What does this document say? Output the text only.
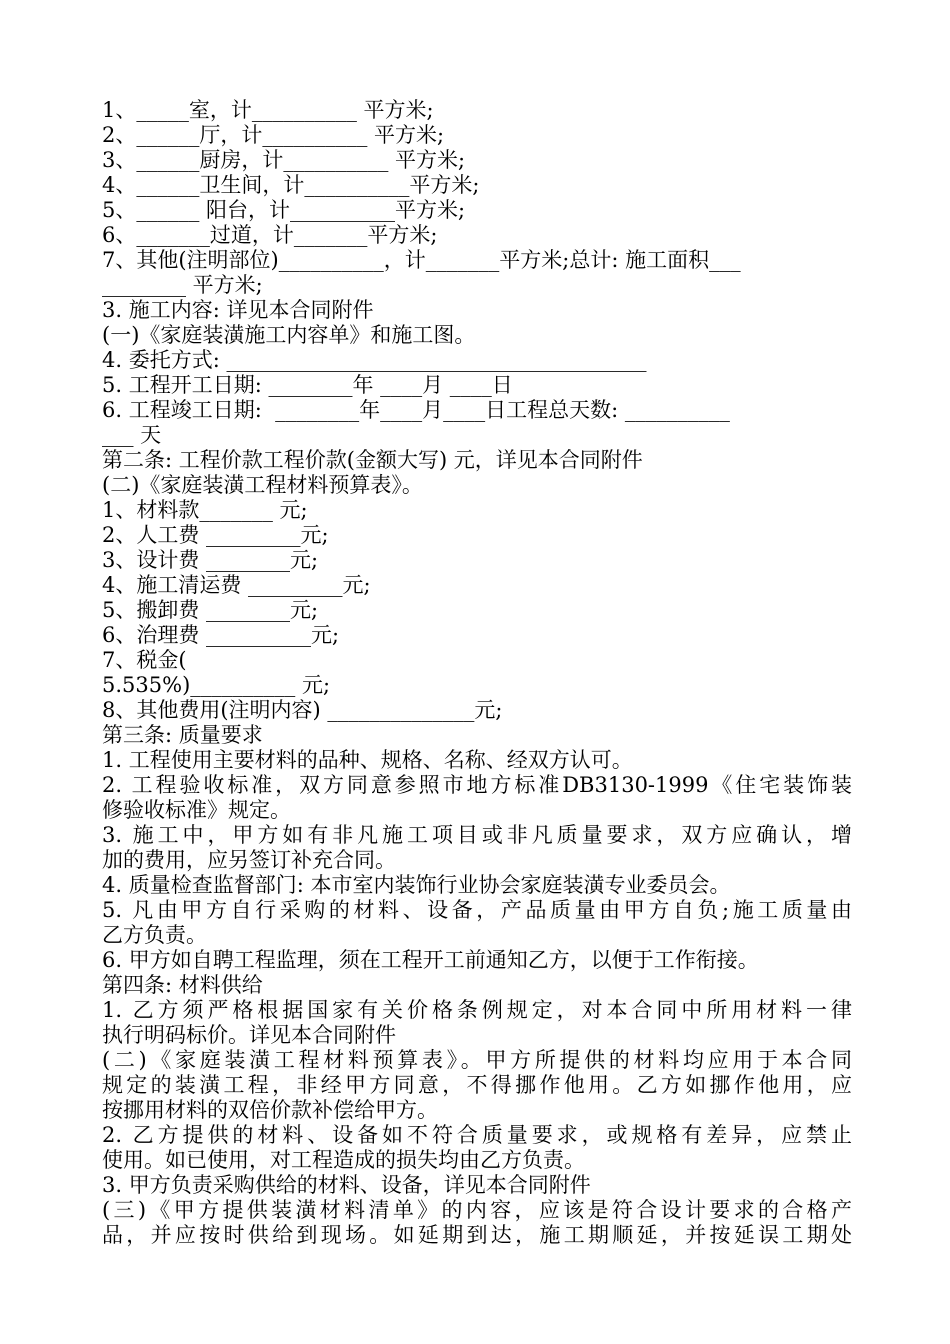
1、_____室，计__________ 平方米;

2、______厅，计__________ 平方米;

3、______厨房，计__________ 平方米;

4、______卫生间，计__________平方米;

5、______ 阳台，计__________平方米;

6、_______过道，计_______平方米;

7、其他(注明部位)__________，计_______平方米;总计: 施工面积___

________ 平方米;

3. 施工内容: 详见本合同附件

(一)《家庭装潢施工内容单》和施工图。

4. 委托方式: ________________________________________

5. 工程开工日期: ________年 ____月 ____日

6. 工程竣工日期:  ________年____月____日工程总天数: __________

___ 天

第二条: 工程价款工程价款(金额大写) 元，详见本合同附件

(二)《家庭装潢工程材料预算表》。

1、材料款_______ 元;

2、人工费 _________元;

3、设计费 ________元;

4、施工清运费 _________元;

5、搬卸费 ________元;

6、治理费 __________元;

7、税金(

5.535%)__________ 元;

8、其他费用(注明内容) ______________元;

第三条: 质量要求

1. 工程使用主要材料的品种、规格、名称、经双方认可。

2. 工程验收标准，双方同意参照市地方标准DB3130-1999《住宅装饰装

修验收标准》规定。

3. 施工中，甲方如有非凡施工项目或非凡质量要求，双方应确认，增

加的费用，应另签订补充合同。

4. 质量检查监督部门: 本市室内装饰行业协会家庭装潢专业委员会。

5. 凡由甲方自行采购的材料、设备，产品质量由甲方自负;施工质量由

乙方负责。

6. 甲方如自聘工程监理，须在工程开工前通知乙方，以便于工作衔接。

第四条: 材料供给

1. 乙方须严格根据国家有关价格条例规定，对本合同中所用材料一律

执行明码标价。详见本合同附件

(二)《家庭装潢工程材料预算表》。甲方所提供的材料均应用于本合同

规定的装潢工程，非经甲方同意，不得挪作他用。乙方如挪作他用，应

按挪用材料的双倍价款补偿给甲方。

2. 乙方提供的材料、设备如不符合质量要求，或规格有差异，应禁止

使用。如已使用，对工程造成的损失均由乙方负责。

3. 甲方负责采购供给的材料、设备，详见本合同附件

(三)《甲方提供装潢材料清单》的内容，应该是符合设计要求的合格产

品，并应按时供给到现场。如延期到达，施工期顺延，并按延误工期处
